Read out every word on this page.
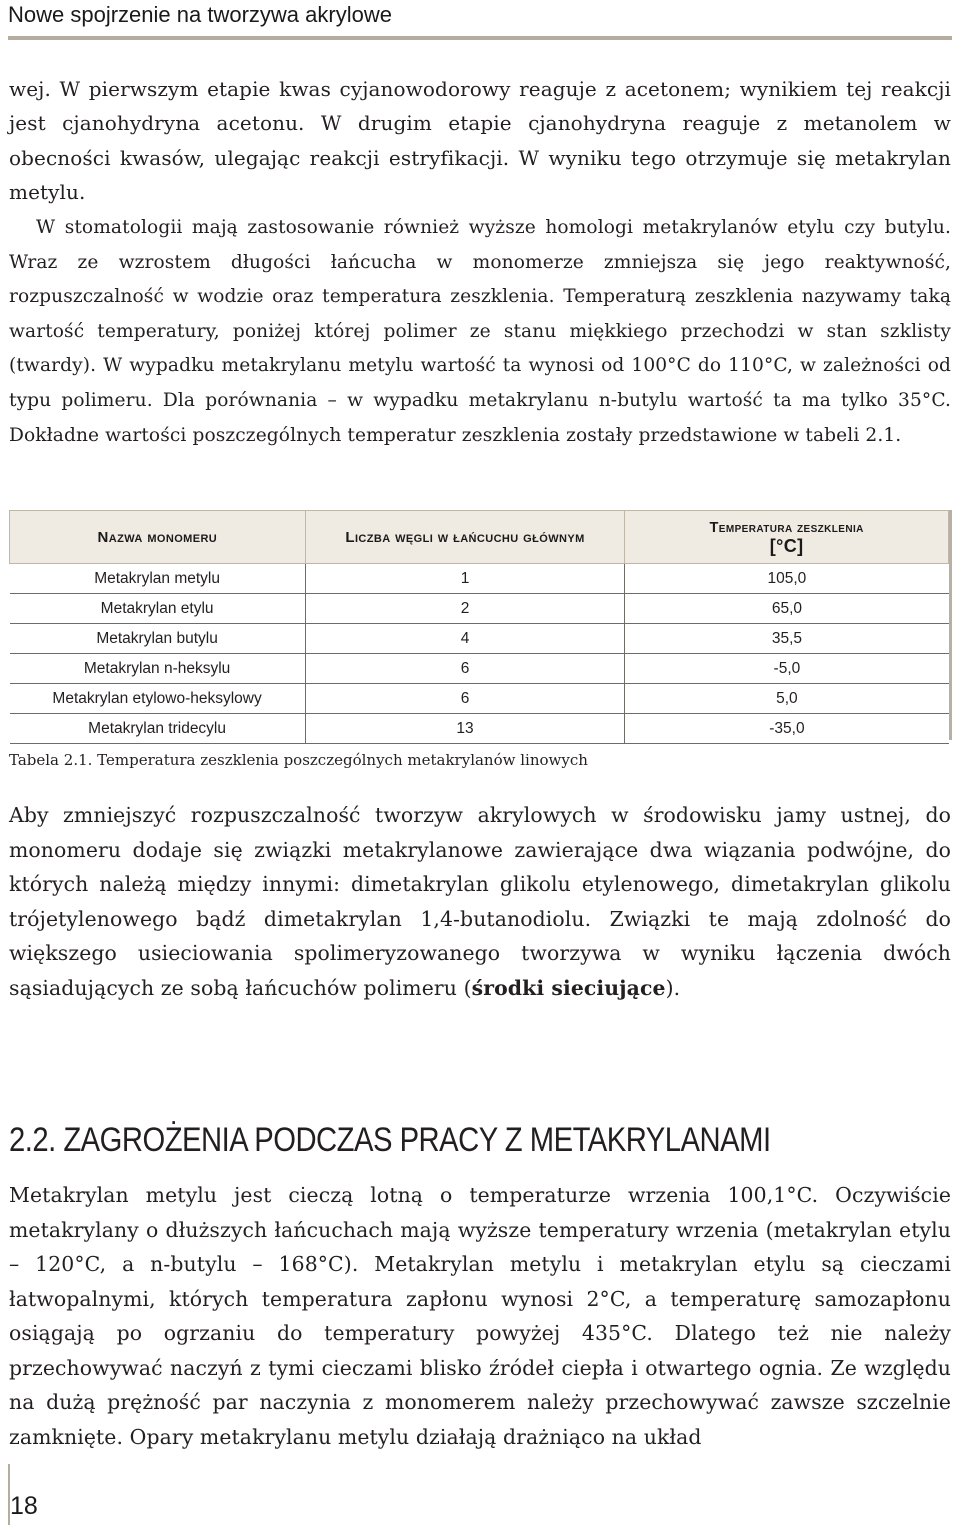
Nowe spojrzenie na tworzywa akrylowe

wej. W pierwszym etapie kwas cyjanowodorowy reaguje z acetonem; wynikiem tej reakcji jest cjanohydryna acetonu. W drugim etapie cjanohydryna reaguje z metanolem w obecności kwasów, ulegając reakcji estryfikacji. W wyniku tego otrzymuje się metakrylan metylu.

W stomatologii mają zastosowanie również wyższe homologi metakrylanów etylu czy butylu. Wraz ze wzrostem długości łańcucha w monomerze zmniejsza się jego reaktywność, rozpuszczalność w wodzie oraz temperatura zeszklenia. Temperaturą zeszklenia nazywamy taką wartość temperatury, poniżej której polimer ze stanu miękkiego przechodzi w stan szklisty (twardy). W wypadku metakrylanu metylu wartość ta wynosi od 100°C do 110°C, w zależności od typu polimeru. Dla porównania – w wypadku metakrylanu n-butylu wartość ta ma tylko 35°C. Dokładne wartości poszczególnych temperatur zeszklenia zostały przedstawione w tabeli 2.1.

Nazwa monomeru	Liczba węgli w łańcuchu głównym	Temperatura zeszklenia
[°C]

Metakrylan metylu	1	105,0
Metakrylan etylu	2	65,0
Metakrylan butylu	4	35,5
Metakrylan n-heksylu	6	-5,0
Metakrylan etylowo-heksylowy	6	5,0
Metakrylan tridecylu	13	-35,0
Tabela 2.1. Temperatura zeszklenia poszczególnych metakrylanów linowych

Aby zmniejszyć rozpuszczalność tworzyw akrylowych w środowisku jamy ustnej, do monomeru dodaje się związki metakrylanowe zawierające dwa wiązania podwójne, do których należą między innymi: dimetakrylan glikolu etylenowego, dimetakrylan glikolu trójetylenowego bądź dimetakrylan 1,4-butanodiolu. Związki te mają zdolność do większego usieciowania spolimeryzowanego tworzywa w wyniku łączenia dwóch sąsiadujących ze sobą łańcuchów polimeru (środki sieciujące).

2.2. ZAGROŻENIA PODCZAS PRACY Z METAKRYLANAMI

Metakrylan metylu jest cieczą lotną o temperaturze wrzenia 100,1°C. Oczywiście metakrylany o dłuższych łańcuchach mają wyższe temperatury wrzenia (metakrylan etylu – 120°C, a n-butylu – 168°C). Metakrylan metylu i metakrylan etylu są cieczami łatwopalnymi, których temperatura zapłonu wynosi 2°C, a temperaturę samozapłonu osiągają po ogrzaniu do temperatury powyżej 435°C. Dlatego też nie należy przechowywać naczyń z tymi cieczami blisko źródeł ciepła i otwartego ognia. Ze względu na dużą prężność par naczynia z monomerem należy przechowywać zawsze szczelnie zamknięte. Opary metakrylanu metylu działają drażniąco na układ

18
